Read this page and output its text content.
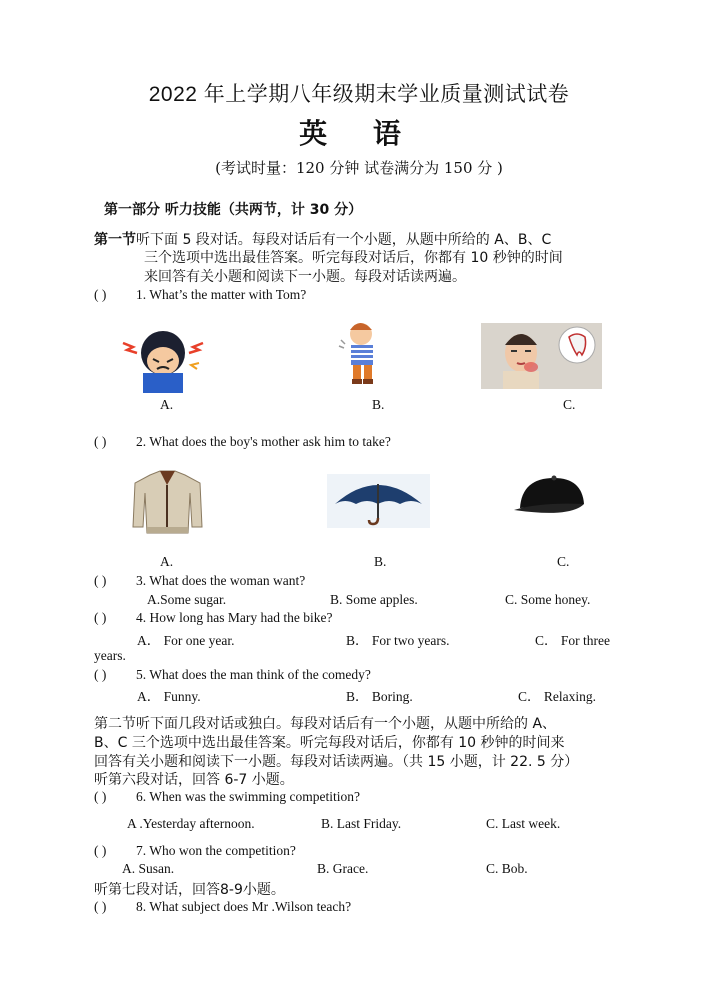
2022 年上学期八年级期末学业质量测试试卷
英 语
(考试时量：120 分钟 试卷满分为 150 分 )
第一部分 听力技能（共两节，计 30 分）
第一节听下面 5 段对话。每段对话后有一个小题，从题中所给的 A、B、C
三个选项中选出最佳答案。听完每段对话后，你都有 10 秒钟的时间
来回答有关小题和阅读下一小题。每段对话读两遍。
( ) 1. What’s the matter with Tom?
A.	B.	C.
( ) 2. What does the boy's mother ask him to take?
A.	B.	C.
( ) 3. What does the woman want?
A.Some sugar.	B. Some apples.	C. Some honey.
( ) 4. How long has Mary had the bike?
A． For one year.	B． For two years.	C． For three
years.
( ) 5. What does the man think of the comedy?
A． Funny.	B． Boring.	C． Relaxing.
第二节听下面几段对话或独白。每段对话后有一个小题，从题中所给的 A、
B、C 三个选项中选出最佳答案。听完每段对话后，你都有 10 秒钟的时间来
回答有关小题和阅读下一小题。每段对话读两遍。（共 15 小题，计 22. 5 分）
听第六段对话，回答 6-7 小题。
( ) 6. When was the swimming competition?
A .Yesterday afternoon.	B. Last Friday.	C. Last week.
( ) 7. Who won the competition?
A. Susan.	B. Grace.	C. Bob.
听第七段对话，回答8-9小题。
( ) 8. What subject does Mr .Wilson teach?
